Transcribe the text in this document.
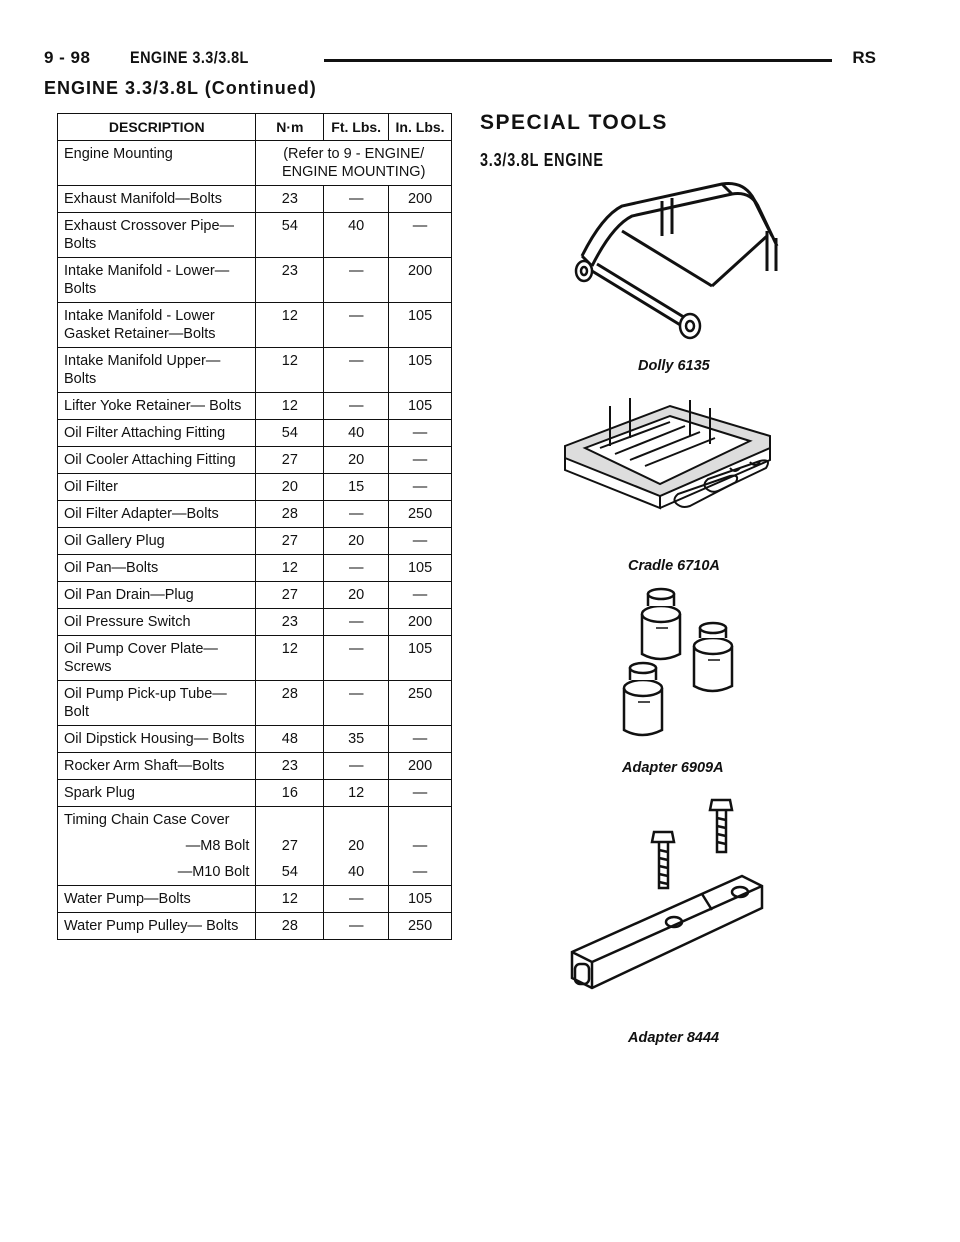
9 - 98 ENGINE 3.3/3.8L	RS
ENGINE 3.3/3.8L (Continued)
DESCRIPTION	N·m	Ft. Lbs.	In. Lbs.
Engine Mounting	(Refer to 9 - ENGINE/ ENGINE MOUNTING)		
Exhaust Manifold—Bolts	23	—	200
Exhaust Crossover Pipe—Bolts	54	40	—
Intake Manifold - Lower—Bolts	23	—	200
Intake Manifold - Lower Gasket Retainer—Bolts	12	—	105
Intake Manifold Upper—Bolts	12	—	105
Lifter Yoke Retainer— Bolts	12	—	105
Oil Filter Attaching Fitting	54	40	—
Oil Cooler Attaching Fitting	27	20	—
Oil Filter	20	15	—
Oil Filter Adapter—Bolts	28	—	250
Oil Gallery Plug	27	20	—
Oil Pan—Bolts	12	—	105
Oil Pan Drain—Plug	27	20	—
Oil Pressure Switch	23	—	200
Oil Pump Cover Plate—Screws	12	—	105
Oil Pump Pick-up Tube—Bolt	28	—	250
Oil Dipstick Housing— Bolts	48	35	—
Rocker Arm Shaft—Bolts	23	—	200
Spark Plug	16	12	—
Timing Chain Case Cover			
—M8 Bolt	27	20	—
—M10 Bolt	54	40	—
Water Pump—Bolts	12	—	105
Water Pump Pulley— Bolts	28	—	250
SPECIAL TOOLS
3.3/3.8L ENGINE
Dolly 6135
Cradle 6710A
Adapter 6909A
Adapter 8444
